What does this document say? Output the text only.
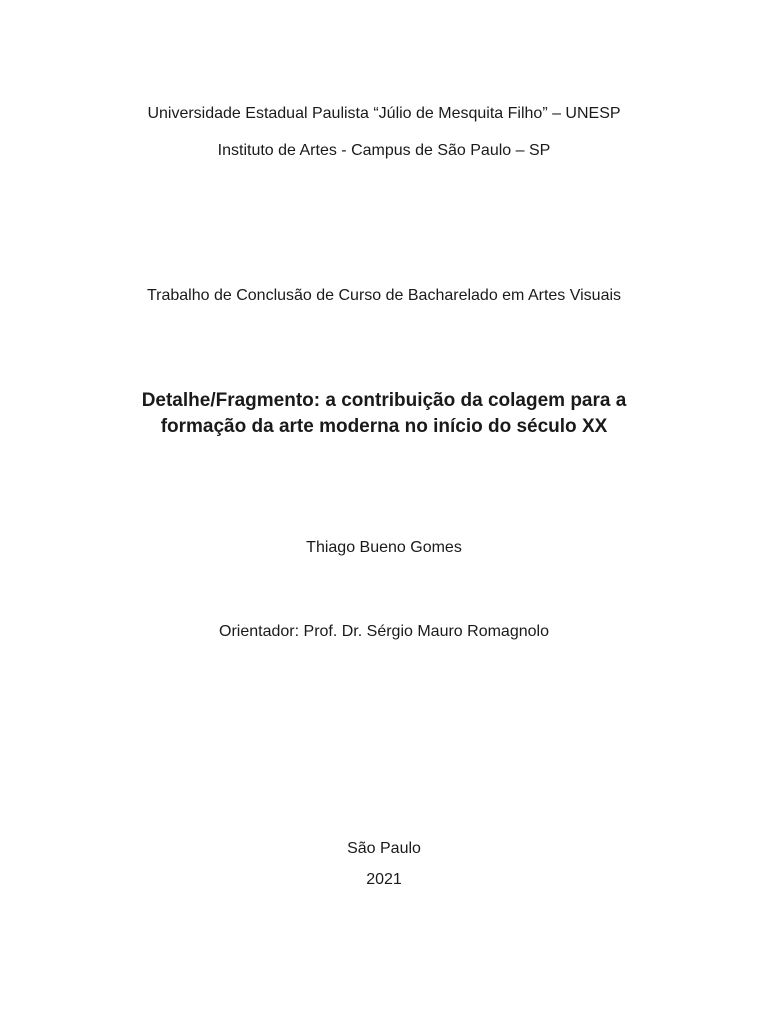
Universidade Estadual Paulista “Júlio de Mesquita Filho” – UNESP
Instituto de Artes - Campus de São Paulo – SP
Trabalho de Conclusão de Curso de Bacharelado em Artes Visuais
Detalhe/Fragmento: a contribuição da colagem para a
formação da arte moderna no início do século XX
Thiago Bueno Gomes
Orientador: Prof. Dr. Sérgio Mauro Romagnolo
São Paulo
2021
